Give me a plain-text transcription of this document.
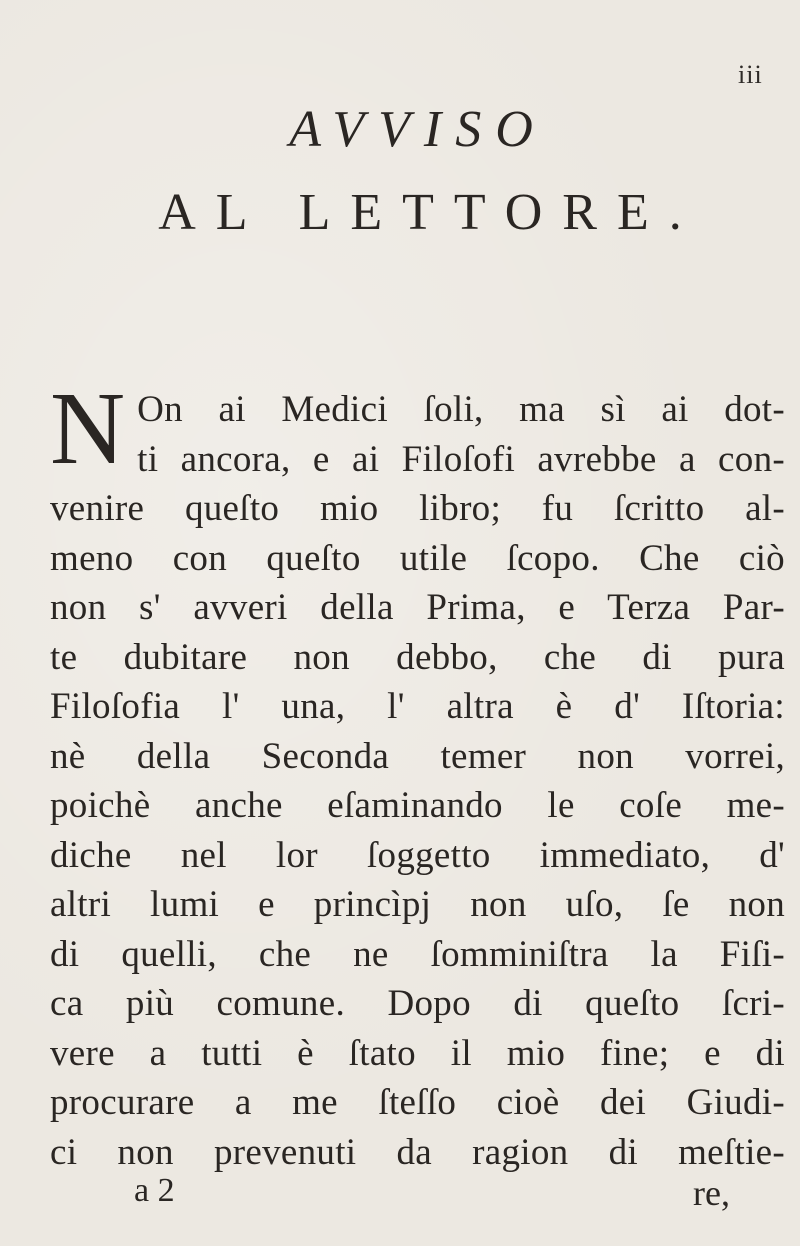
iii
AVVISO
AL LETTORE.
N On ai Medici ſoli, ma sì ai dot-
ti ancora, e ai Filoſofi avrebbe a con-
venire queſto mio libro; fu ſcritto al-
meno con queſto utile ſcopo. Che ciò
non s' avveri della Prima, e Terza Par-
te dubitare non debbo, che di pura
Filoſofia l' una, l' altra è d' Iſtoria:
nè della Seconda temer non vorrei,
poichè anche eſaminando le coſe me-
diche nel lor ſoggetto immediato, d'
altri lumi e princìpj non uſo, ſe non
di quelli, che ne ſomminiſtra la Fiſi-
ca più comune. Dopo di queſto ſcri-
vere a tutti è ſtato il mio fine; e di
procurare a me ſteſſo cioè dei Giudi-
ci non prevenuti da ragion di meſtie-
a 2	re,
